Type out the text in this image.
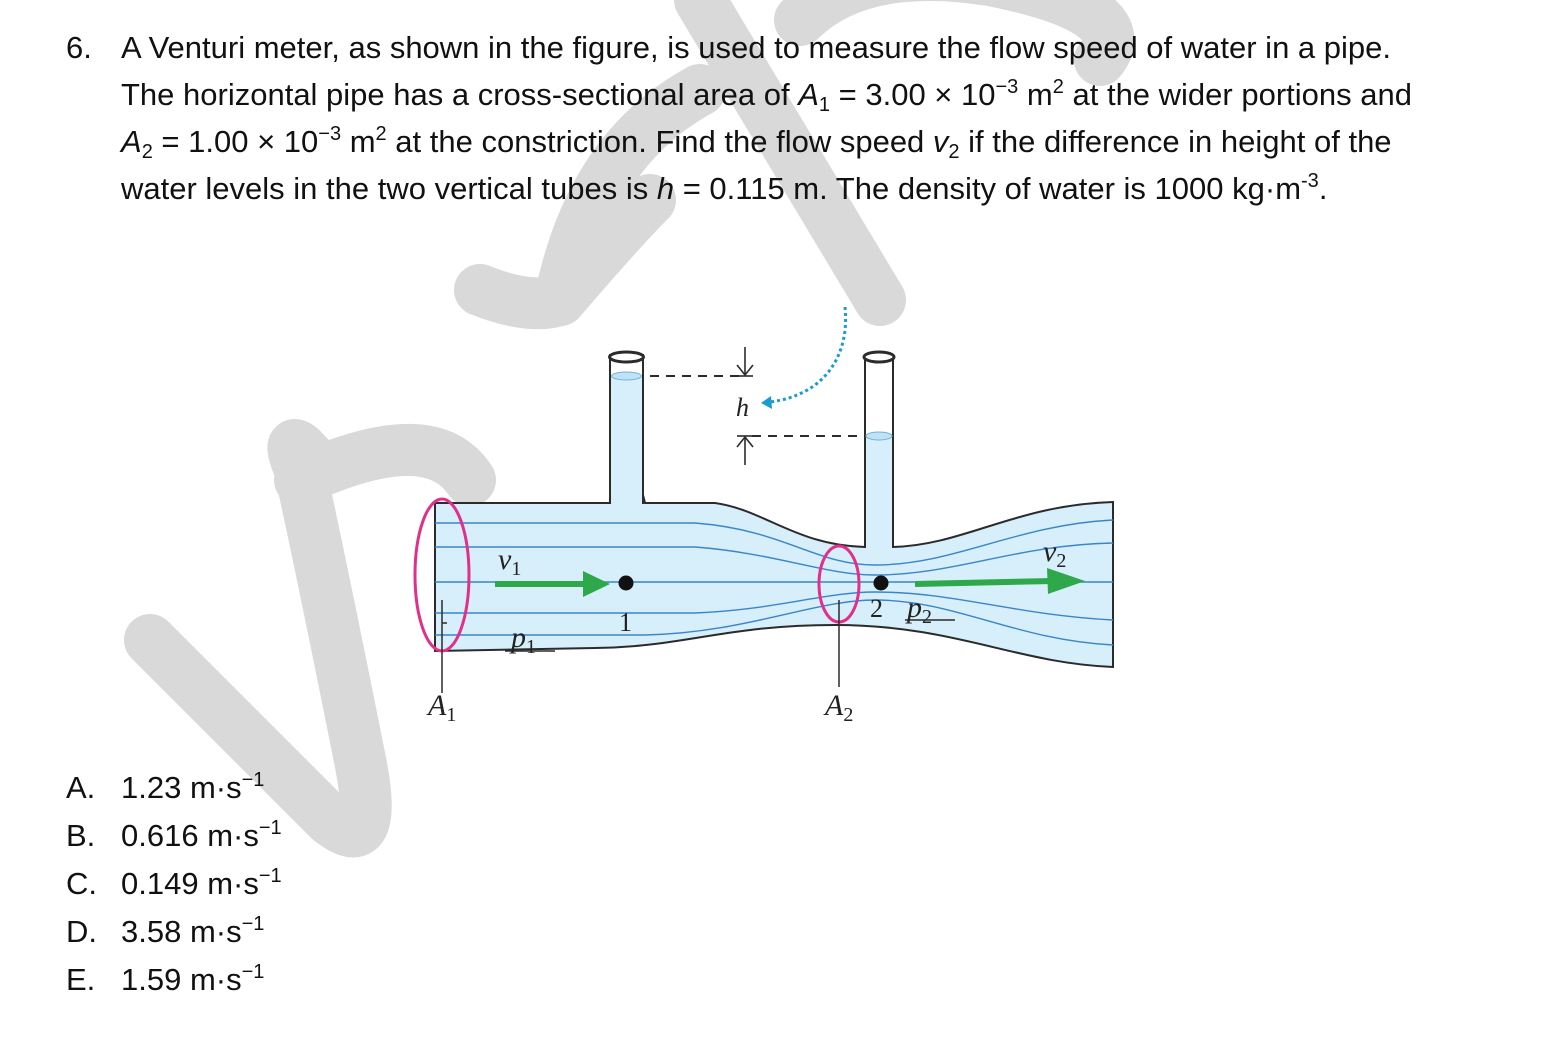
6. A Venturi meter, as shown in the figure, is used to measure the flow speed of water in a pipe.

The horizontal pipe has a cross-sectional area of $A_1 = 3.00 \times 10^{-3}$ $m^2$ at the wider portions and

$A_2 = 1.00 \times 10^{-3}$ $m^2$ at the constriction. Find the flow speed $v_2$ if the difference in height of the

water levels in the two vertical tubes is h = 0.115 m. The density of water is 1000 $kg\cdot m^{-3}$.

h
$v_1$
$v_2$
$p_1$
$p_2$
1	2
$A_1$	$A_2$
A. 1.23 $m\cdot s^{-1}$
B. 0.616 $m\cdot s^{-1}$
C. 0.149 $m\cdot s^{-1}$
D. 3.58 $m\cdot s^{-1}$
E. 1.59 $m\cdot s^{-1}$
